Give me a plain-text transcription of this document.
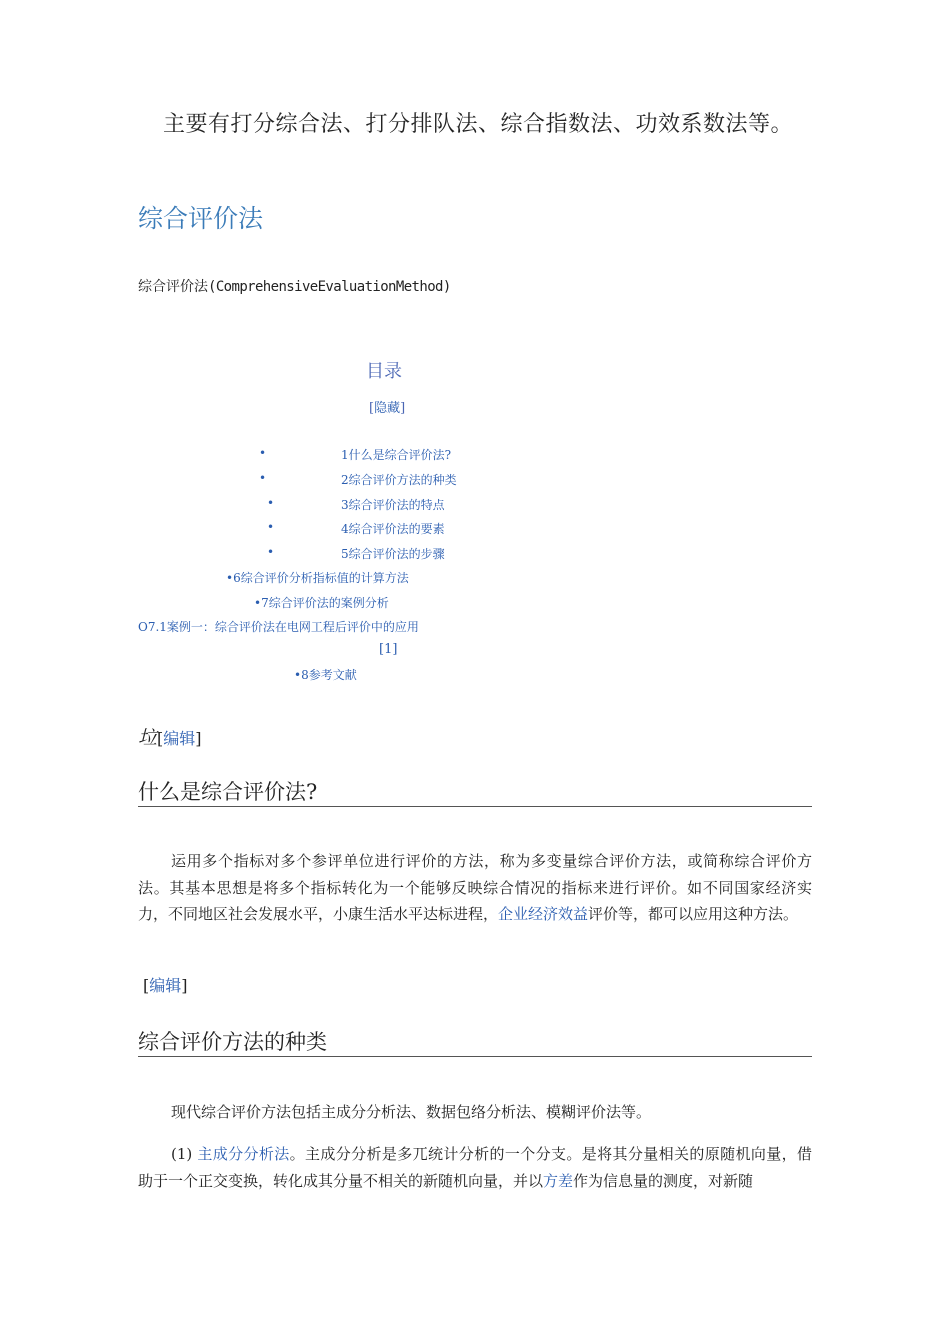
主要有打分综合法、打分排队法、综合指数法、功效系数法等。
综合评价法
综合评价法(ComprehensiveEvaluationMethod)
目录
[隐藏]
•	1什么是综合评价法?
•	2综合评价方法的种类
•	3综合评价法的特点
•	4综合评价法的要素
•	5综合评价法的步骤
•6综合评价分析指标值的计算方法
•7综合评价法的案例分析
O7.1案例一：综合评价法在电网工程后评价中的应用
[1]
•8参考文献
垃[编辑]
什么是综合评价法?
运用多个指标对多个参评单位进行评价的方法，称为多变量综合评价方法，或简称综合评价方法。其基本思想是将多个指标转化为一个能够反映综合情况的指标来进行评价。如不同国家经济实力，不同地区社会发展水平，小康生活水平达标进程，企业经济效益评价等，都可以应用这种方法。
[编辑]
综合评价方法的种类
现代综合评价方法包括主成分分析法、数据包络分析法、模糊评价法等。
(1) 主成分分析法。主成分分析是多兀统计分析的一个分支。是将其分量相关的原随机向量，借助于一个正交变换，转化成其分量不相关的新随机向量，并以方差作为信息量的测度，对新随
